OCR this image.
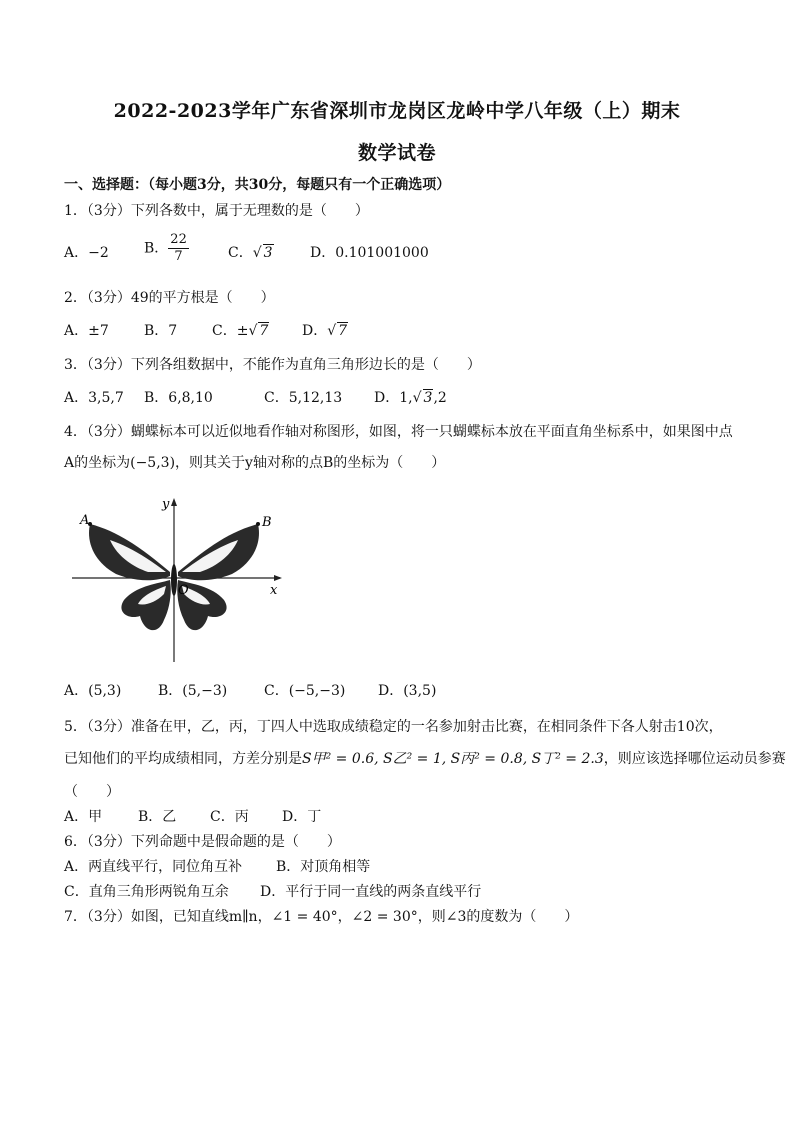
2022-2023学年广东省深圳市龙岗区龙岭中学八年级（上）期末
数学试卷
一、选择题：（每小题3分，共30分，每题只有一个正确选项）
1．（3分）下列各数中，属于无理数的是（　　）
A．−2	B． $\frac{22}{7}$	C．√ 3	D．0.101001000
2．（3分）49的平方根是（　　）
A．±7	B．7 C．±√ 7 D．√ 7
3．（3分）下列各组数据中，不能作为直角三角形边长的是（　　）
A．3,5,7 B．6,8,10	C．5,12,13 D．1,√ 3,2
4．（3分）蝴蝶标本可以近似地看作轴对称图形，如图，将一只蝴蝶标本放在平面直角坐标系中，如果图中点
A的坐标为(−5,3)，则其关于y轴对称的点B的坐标为（　　）
A	B
y
x
O
A．(5,3)	B．(5,−3)	C．(−5,−3) D．(3,5)
5．（3分）准备在甲，乙，丙，丁四人中选取成绩稳定的一名参加射击比赛，在相同条件下各人射击10次，
已知他们的平均成绩相同，方差分别是S甲² = 0.6, S乙² = 1, S丙² = 0.8, S丁² = 2.3，则应该选择哪位运动员参赛
（　　）
A．甲	B．乙 C．丙 D．丁
6．（3分）下列命题中是假命题的是（　　）
A．两直线平行，同位角互补 B．对顶角相等
C．直角三角形两锐角互余 D．平行于同一直线的两条直线平行
7．（3分）如图，已知直线m∥n，∠1 = 40°，∠2 = 30°，则∠3的度数为（　　）
